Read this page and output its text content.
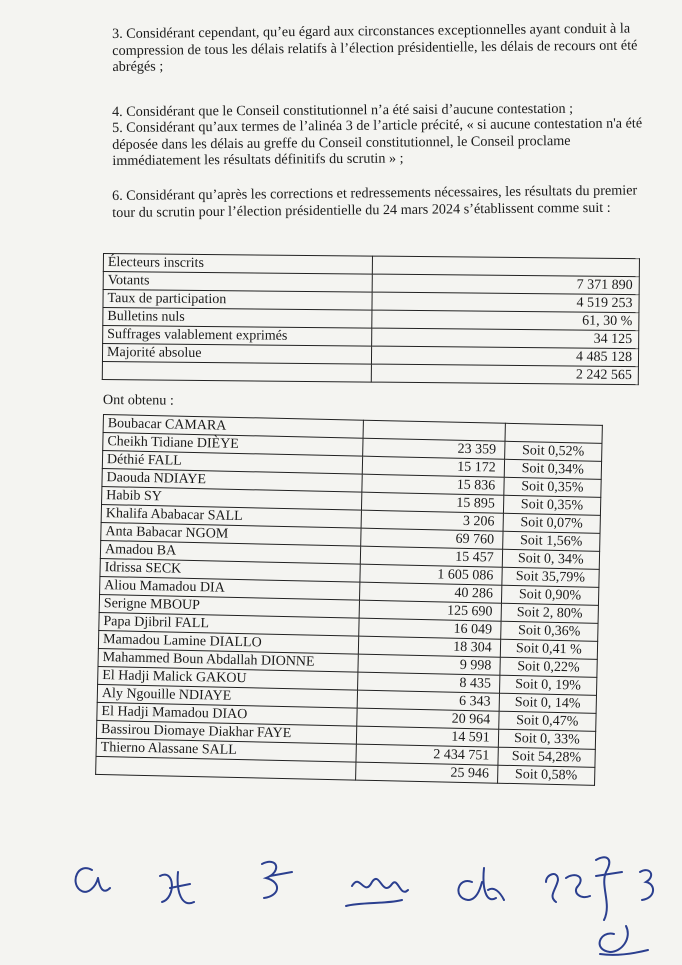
3. Considérant cependant, qu’eu égard aux circonstances exceptionnelles ayant conduit à la compression de tous les délais relatifs à l’élection présidentielle, les délais de recours ont été abrégés ;

4. Considérant que le Conseil constitutionnel n’a été saisi d’aucune contestation ;

5. Considérant qu’aux termes de l’alinéa 3 de l’article précité, « si aucune contestation n'a été déposée dans les délais au greffe du Conseil constitutionnel, le Conseil proclame immédiatement les résultats définitifs du scrutin » ;

6. Considérant qu’après les corrections et redressements nécessaires, les résultats du premier tour du scrutin pour l’élection présidentielle du 24 mars 2024 s’établissent comme suit :

Électeurs inscrits	
Votants	7 371 890
Taux de participation	4 519 253
Bulletins nuls	61, 30 %
Suffrages valablement exprimés	34 125
Majorité absolue	4 485 128
	2 242 565
Ont obtenu :
Boubacar CAMARA		
Cheikh Tidiane DIÈYE	23 359	Soit 0,52%
Déthié FALL	15 172	Soit 0,34%
Daouda NDIAYE	15 836	Soit 0,35%
Habib SY	15 895	Soit 0,35%
Khalifa Ababacar SALL	3 206	Soit 0,07%
Anta Babacar NGOM	69 760	Soit 1,56%
Amadou BA	15 457	Soit 0, 34%
Idrissa SECK	1 605 086	Soit 35,79%
Aliou Mamadou DIA	40 286	Soit 0,90%
Serigne MBOUP	125 690	Soit 2, 80%
Papa Djibril FALL	16 049	Soit 0,36%
Mamadou Lamine DIALLO	18 304	Soit 0,41 %
Mahammed Boun Abdallah DIONNE	9 998	Soit 0,22%
El Hadji Malick GAKOU	8 435	Soit 0, 19%
Aly Ngouille NDIAYE	6 343	Soit 0, 14%
El Hadji Mamadou DIAO	20 964	Soit 0,47%
Bassirou Diomaye Diakhar FAYE	14 591	Soit 0, 33%
Thierno Alassane SALL	2 434 751	Soit 54,28%
	25 946	Soit 0,58%
